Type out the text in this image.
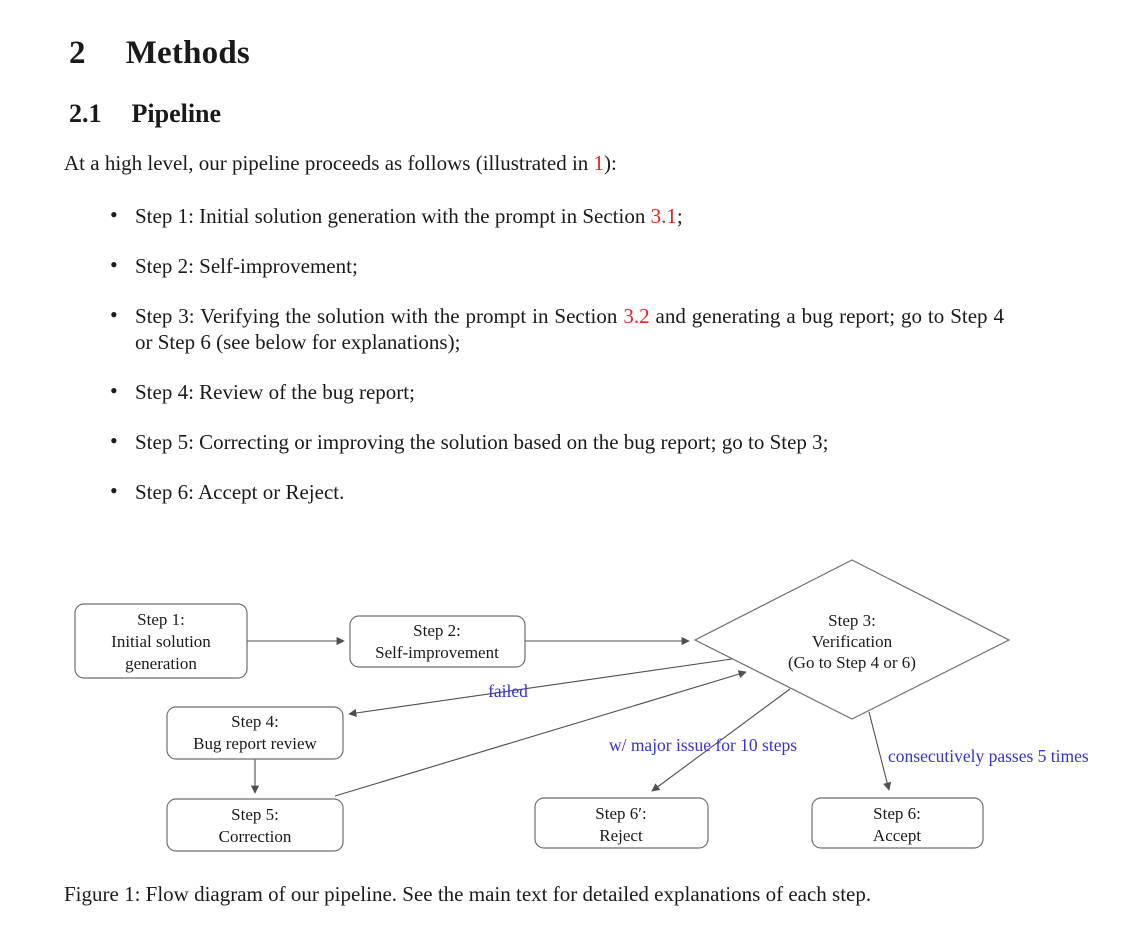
2 Methods
2.1 Pipeline

At a high level, our pipeline proceeds as follows (illustrated in 1):

• Step 1: Initial solution generation with the prompt in Section 3.1;
• Step 2: Self-improvement;
• Step 3: Verifying the solution with the prompt in Section 3.2 and generating a bug report; go to Step 4 or Step 6 (see below for explanations);
• Step 4: Review of the bug report;
• Step 5: Correcting or improving the solution based on the bug report; go to Step 3;
• Step 6: Accept or Reject.
Step 1:
Initial solution
generation
Step 2:
Self-improvement
Step 3:
Verification
(Go to Step 4 or 6)
Step 4:
Bug report review
Step 5:
Correction
Step 6′:
Reject
Step 6:
Accept
failed
w/ major issue for 10 steps
consecutively passes 5 times

Figure 1: Flow diagram of our pipeline. See the main text for detailed explanations of each step.
